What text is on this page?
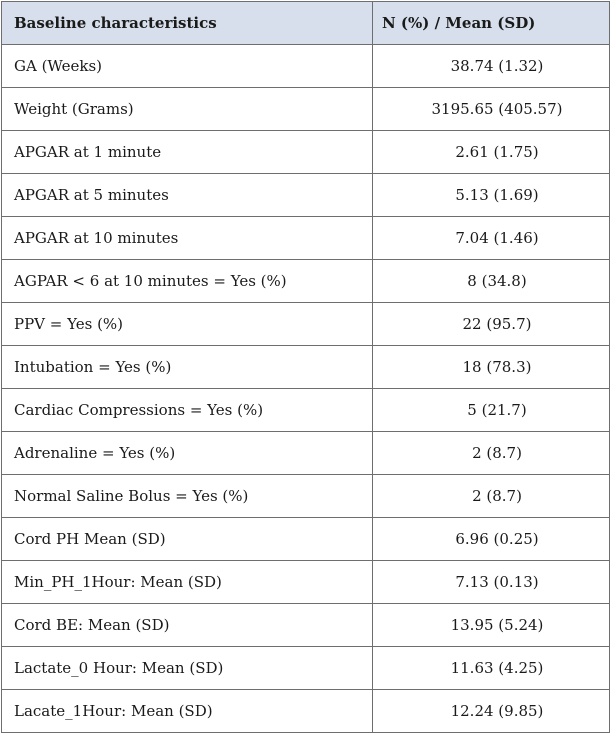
Baseline characteristics	N (%) / Mean (SD)
GA (Weeks)	38.74 (1.32)
Weight (Grams)	3195.65 (405.57)
APGAR at 1 minute	2.61 (1.75)
APGAR at 5 minutes	5.13 (1.69)
APGAR at 10 minutes	7.04 (1.46)
AGPAR < 6 at 10 minutes = Yes (%)	8 (34.8)
PPV = Yes (%)	22 (95.7)
Intubation = Yes (%)	18 (78.3)
Cardiac Compressions = Yes (%)	5 (21.7)
Adrenaline = Yes (%)	2 (8.7)
Normal Saline Bolus = Yes (%)	2 (8.7)
Cord PH Mean (SD)	6.96 (0.25)
Min_PH_1Hour: Mean (SD)	7.13 (0.13)
Cord BE: Mean (SD)	13.95 (5.24)
Lactate_0 Hour: Mean (SD)	11.63 (4.25)
Lacate_1Hour: Mean (SD)	12.24 (9.85)
